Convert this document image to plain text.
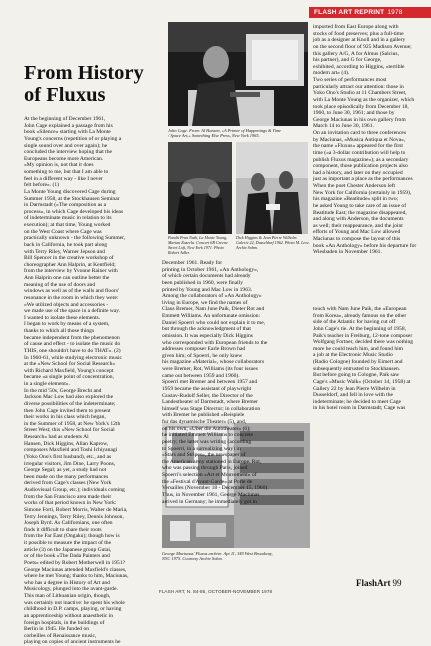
FLASH ART REPRINT 1978
From History of Fluxus
John Cage. From: Al Hansen, «A Primer of Happenings & Time
/ Space Art,» Something Else Press, New York 1965.
Pandit Pran Nath, La Monte Young, Marian Zazeela. Concert 6B Greene Street Loft, New York 1971. Photo Robert Adler.
Dick Higgins & Jean Pierre Wilhelm. Galerie 22, Dusseldorf 1962. Photo M. Leve. Archiv Sohm.
George Maciunas' Fluxus archive. Apt 11, 349 West Broadway,
NYC 1975. Courtesy Archiv Sohm.
At the beginning of December 1961,
John Cage explained a passage from his
book «Silence» starting with La Monte
Young's concerns (repetition of or playing a
single sound over and over again); he
concluded the interview hoping that the
Europeans become more American.
«My opinion is, not that it does
something to me, but that I am able to
feel in a different way - like I never
felt before». (1)
La Monte Young discovered Cage during
Summer 1958, at the Stockhausen Seminar
in Darmstadt («The composition as a
process», in which Cage developed his ideas
of indeterminate music in relation to its
execution); at that time, Young worked
on the West Coast where Cage was
practically unknown - the following Summer,
back in California, he took part along
with Terry Riley, Warner Jepson and
Bill Spencer in the creative workshop of
choreographer Ann Halprin, at Kentfield;
from the interview by Yvonne Rainer with
Ann Halprin one can outline better the
meaning of the use of doors and
windows as well as of the walls and floors'
resonance in the room in which they were:
«We utilized objects and accessories -
we made use of the space in a definite way.
I wanted to isolate these elements.
I began to work by means of a system,
thanks to which all those things
became independent from the phenomenon
of cause and effect - to isolate the music do
THIS, one shouldn't have to do THAT». (2)
In 1960-61, while studying electronic music
at the «New School for Social Research»
with Richard Maxfield, Young's concept
became «a single point of concentration,
in a single element».
In the mid '50s, George Brecht and
Jackson Mac Low had also explored the
diverse possibilities of the indeterminate;
then John Cage invited them to present
their works in his class which began,
in the Summer of 1958, at New York's 12th
Street West; this «New School for Social
Research» had as students Al
Hansen, Dick Higgins, Allan Kaprow,
composers Maxfield and Toshi Ichiyanagi
(Yoko Ono's first husband), etc., and as
irregular visitors, Jim Dine, Larry Poons,
George Segal; as yet, a study had not
been made on the many performances
derived from Cage's classes (New York
Audiovisual Group, etc.); individuals coming
from the San Francisco area made their
works of that period known in New York:
Simone Forti, Robert Morris, Walter de Maria,
Terry Jennings, Terry Riley, Dennis Johnson,
Joseph Byrd. As Californians, one often
finds it difficult to share their roots
from the Far East (Ongaku); though how is
it possible to measure the impact of the
article (3) on the Japanese group Gutai,
or of the book «The Dada Painters and
Poets» edited by Robert Motherwell in 1951?
George Maciunas attended Maxfield's classes,
where he met Young; thanks to him, Maciunas,
who has a degree in History of Art and
Musicology, plunged into the avant-garde.
This man of Lithuanian origin, though,
was certainly not inactive: he spent his whole
childhood in D.P. camps, playing, or having
an apprenticeship without anaesthetic in
foreign hospitals, in the buildings of
Berlin in 1945. He funded on
corbeilles of Renaissance music,
playing on copies of ancient instruments he
imported from East Europe along with
stocks of food preserves; plus a full-time
job as a designer at Knoll and in a gallery
on the second floor of 925 Madison Avenue;
this gallery A/G, A for Almus (Salcius,
his partner), and G for George,
exhibited, according to Higgins, «terrible
modern art» (4).
Two series of performances most
particularly attract our attention: those in
Yoko Ono's Studio at 11 Chambers Street,
with La Monte Young as the organizer, which
took place episodically from December 18,
1960, to June 30, 1961; and those by
George Maciunas in his own gallery from
March 14 to June 30, 1961.
On an invitation card to three conferences
by Maciunas, «Musica Antiqua et Nova»,
the name «Fluxus» appeared for the first
time («a 3-dollar contribution will help to
publish Fluxus magazine»); as a secondary
component, those publication projects also
had a history, and later on they occupied
just as important a place as the performances
When the poet Chester Anderson left
New York for California (certainly in 1959),
his magazine «Beatitude» split in two;
he asked Young to take care of an issue of
Beatitude East; the magazine disappeared,
and along with Anderson, the documents
as well; their reappearance, and the joint
efforts of Young and Mac Low allowed
Maciunas to compose the layout of this
book «An Anthology» before his departure for
Wiesbaden in November 1961.
December 1961. Ready for
printing in October 1961, «An Anthology»,
of which certain documents had already
been published in 1960, were finally
printed by Young and Mac Low in 1963.
Among the collaborators of «An Anthology»
living in Europe, we find the names of
Claus Bremer, Nam June Paik, Dieter Rot and
Emmett Williams. An unfortunate omission:
Daniel Spoerri who could not explain it to me,
but through the acknowledgment of that
omission. It was especially Dick Higgins
who corresponded with European friends to the
addresses composer Earle Brown had
given him; of Spoerri, he only knew
his magazine «Material», whose collaborators
were Bremer, Rot, Williams (its four issues
came out between 1959 and 1960).
Spoerri met Bremer and between 1957 and
1959 became the assistant of playwright
Gustav-Rudolf Seller, the Director of the
Landestheater of Darmstadt, where Bremer
himself was Stage Director; in collaboration
with Bremer he published «Beispiele
fur das dynamische Theater» (5), and,
on his own, «Uber die Autotheater» (6);
he initiated Emmett Williams to concrete
poetry; the latter was writing (according
to Spoerri, in a surrealizing way) in
«Stars and Stripes», the newspaper of
the American army stationed in Europe. Rot,
who was passing through Paris, joined
Spoerri's selection «Art et Mouvement» of
the «Festival d'Avant-Garde» at Porte de
Versailles (November 18 - December 15, 1960).
Thus, in November 1961, George Maciunas
arrived in Germany; he immediately got in
touch with Nam June Paik, the «European
from Korea», already famous on the other
side of the Atlantic for having cut off
John Cage's tie. At the beginning of 1958,
Paik's teacher in Freiburg, 12-tone composer
Wolfgang Fortner, decided there was nothing
more he could teach him, and found him
a job at the Electronic Music Studio
(Radio Cologne) founded by Eimert and
subsequently entrusted to Stockhausen.
But before going to Cologne, Paik saw
Cage's «Music Walk» (October 14, 1958) at
Gallery 22 by Jean Pierre Wilhelm in
Dusseldorf, and fell in love with the
indeterminate; he decided to meet Cage
in his hotel room in Darmstadt; Cage was
FlashArt 99
FLASH ART, N. 84-85, OCTOBER-NOVEMBER 1978
